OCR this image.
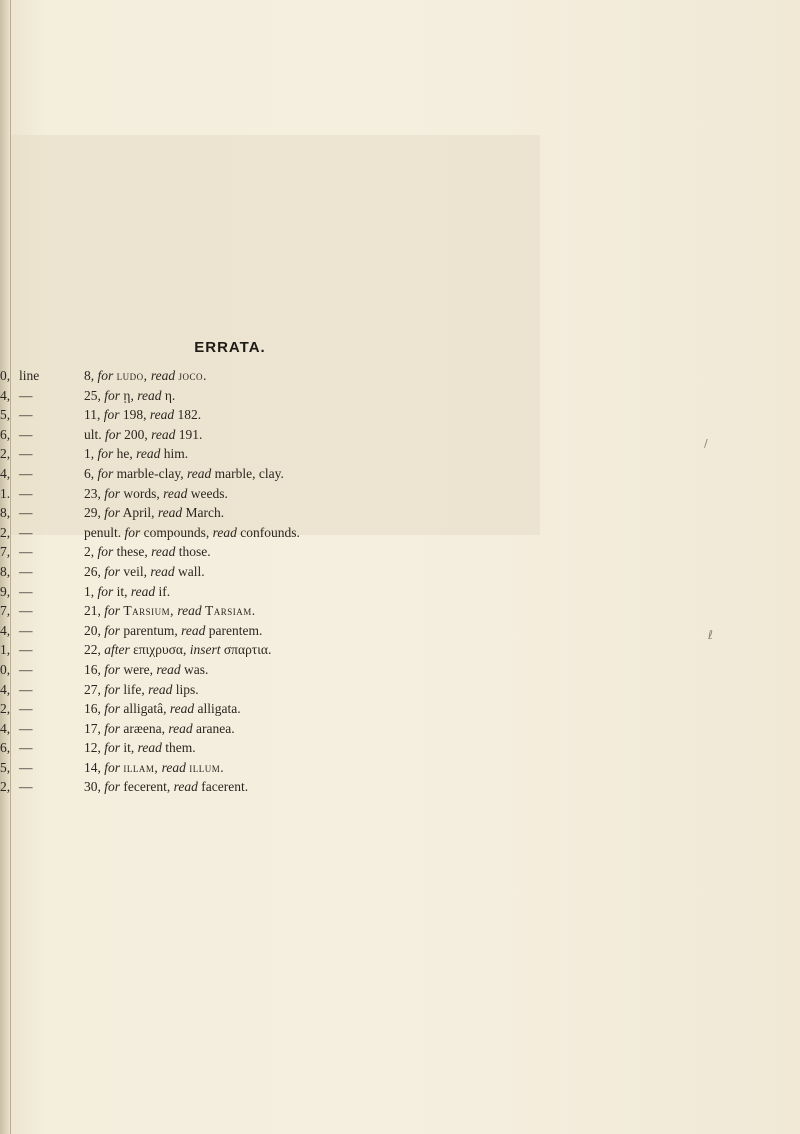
ERRATA.
0, line	8, for ludo, read joco.
4, —	25, for ῃ, read η.
5, —	11, for 198, read 182.
6, —	ult. for 200, read 191.
2, —	1, for he, read him.
4, —	6, for marble-clay, read marble, clay.
1. —	23, for words, read weeds.
8, —	29, for April, read March.
2, —	penult. for compounds, read confounds.
7, —	2, for these, read those.
8, —	26, for veil, read wall.
9, —	1, for it, read if.
7, —	21, for Tarsium, read Tarsiam.
4, —	20, for parentum, read parentem.
1, —	22, after επιχρυσα, insert σπαρτια.
0, —	16, for were, read was.
4, —	27, for life, read lips.
2, —	16, for alligatâ, read alligata.
4, —	17, for aræena, read aranea.
6, —	12, for it, read them.
5, —	14, for illam, read illum.
2, —	30, for fecerent, read facerent.
/
ℓ
